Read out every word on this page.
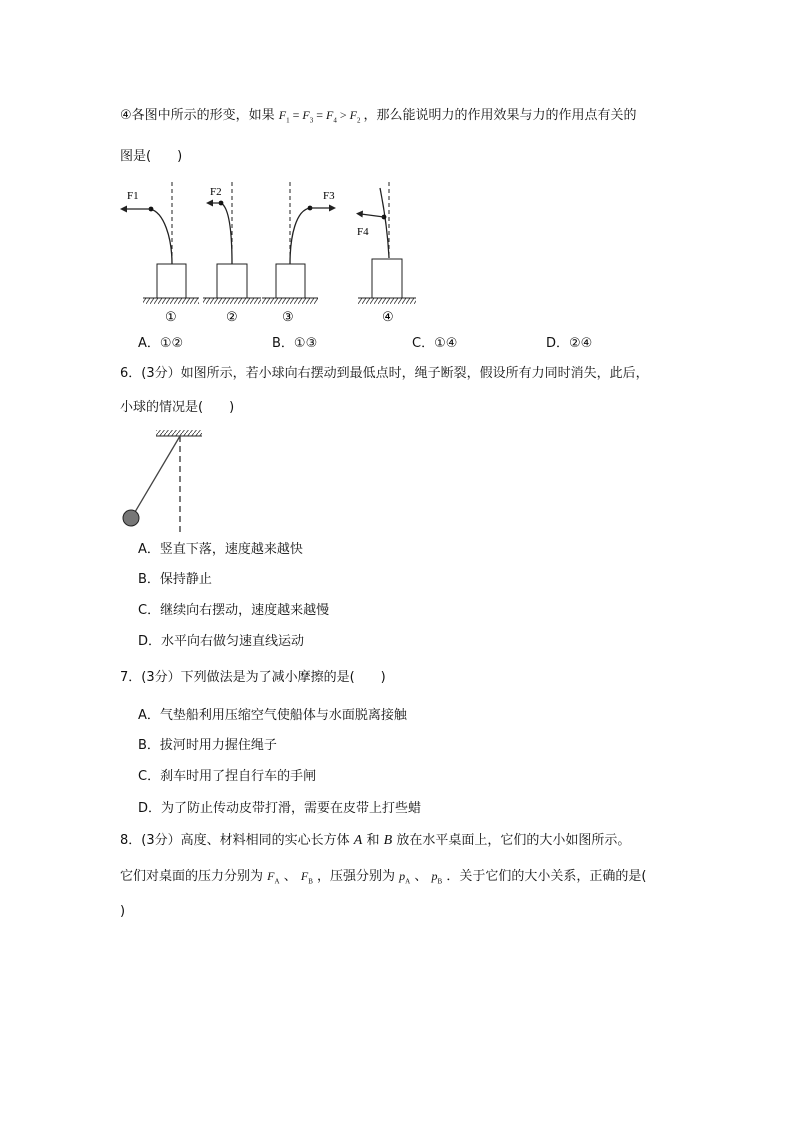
④各图中所示的形变，如果 $F_1 = F_3 = F_4 > F_2$ ，那么能说明力的作用效果与力的作用点有关的
图是(　　)
F1	F2	F3
F4
①	②	③	④
A．①②	B．①③	C．①④	D．②④
6．(3分）如图所示，若小球向右摆动到最低点时，绳子断裂，假设所有力同时消失，此后，
小球的情况是(　　)
A．竖直下落，速度越来越快
B．保持静止
C．继续向右摆动，速度越来越慢
D．水平向右做匀速直线运动
7．(3分）下列做法是为了减小摩擦的是(　　)
A．气垫船利用压缩空气使船体与水面脱离接触
B．拔河时用力握住绳子
C．刹车时用了捏自行车的手闸
D．为了防止传动皮带打滑，需要在皮带上打些蜡
8．(3分）高度、材料相同的实心长方体 A 和 B 放在水平桌面上，它们的大小如图所示。
它们对桌面的压力分别为 $F_A$ 、 $F_B$ ，压强分别为 $p_A$ 、 $p_B$ ．关于它们的大小关系，正确的是(
)
